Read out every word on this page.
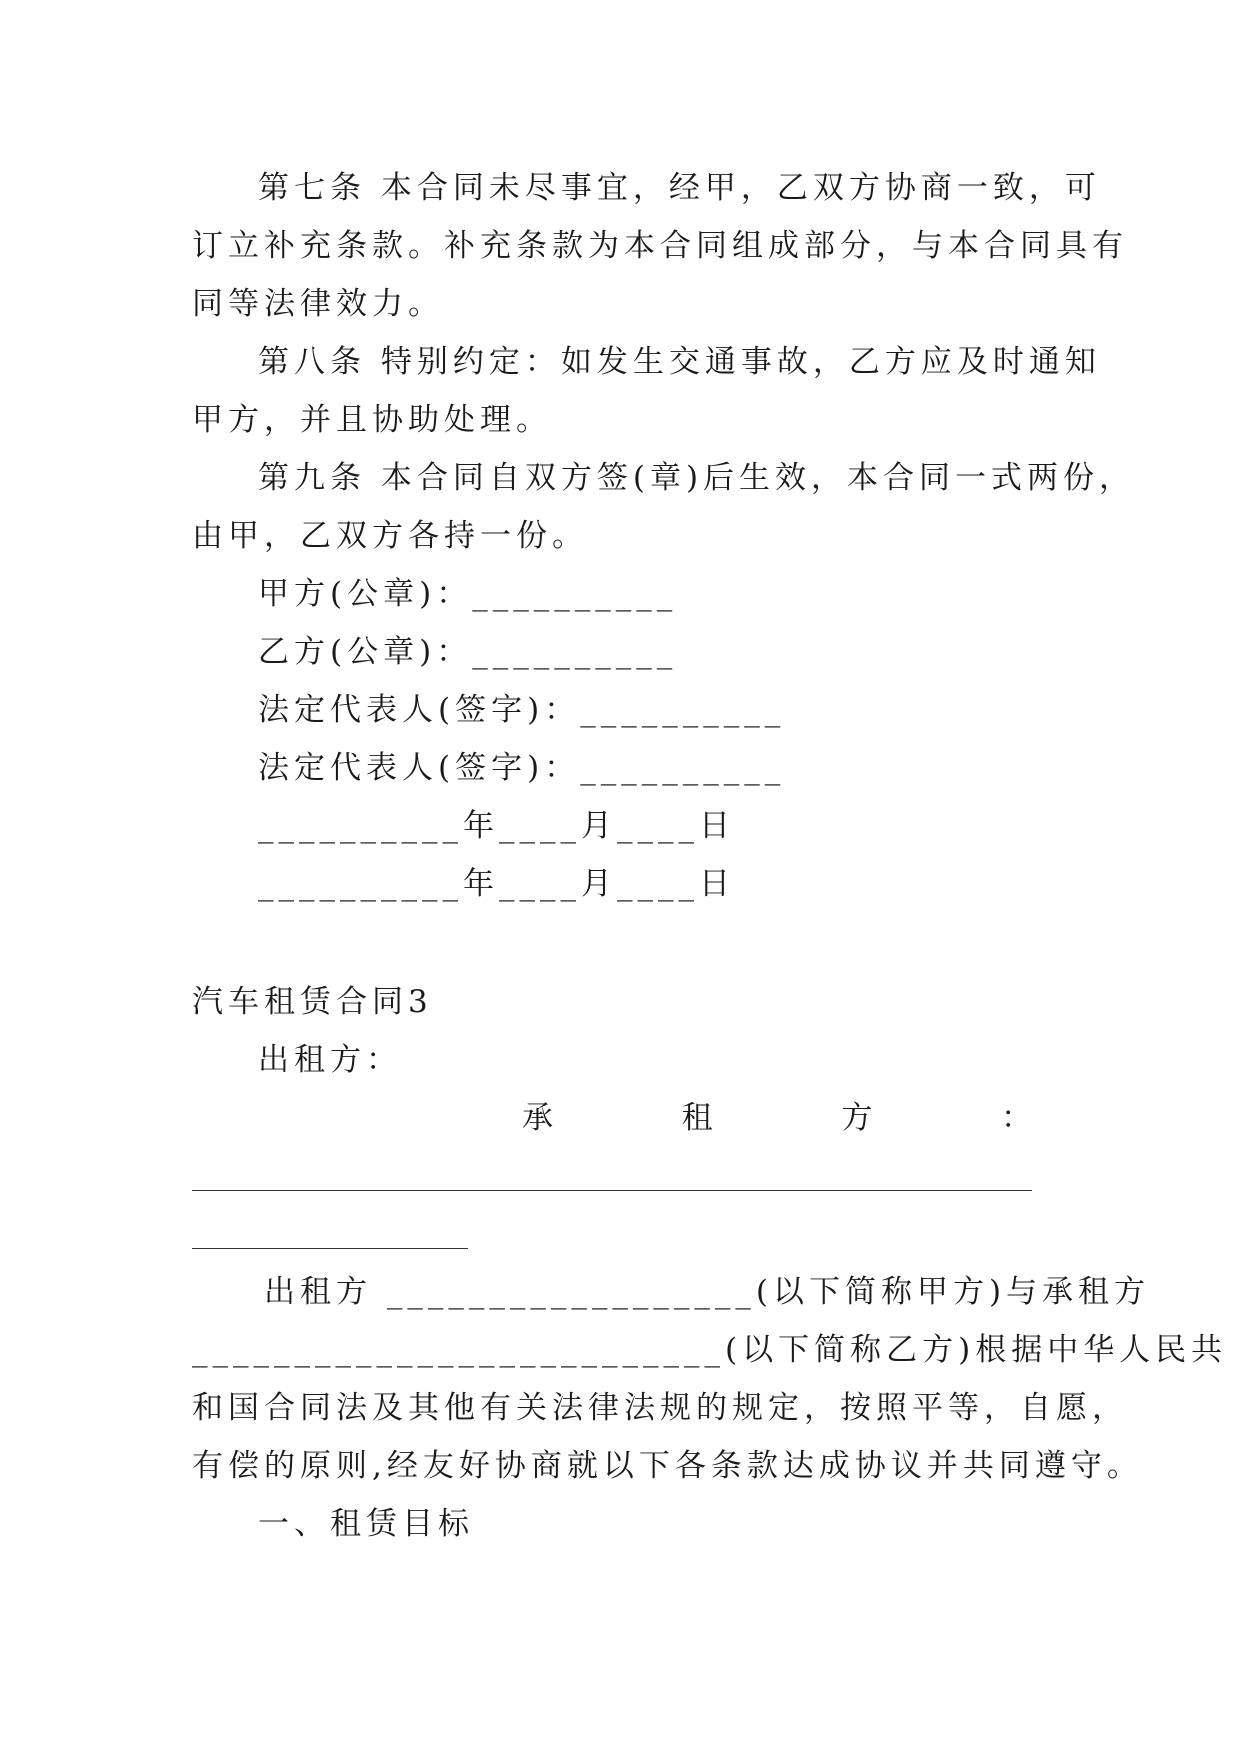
第七条 本合同未尽事宜，经甲，乙双方协商一致，可
订立补充条款。补充条款为本合同组成部分，与本合同具有
同等法律效力。
第八条 特别约定：如发生交通事故，乙方应及时通知
甲方，并且协助处理。
第九条 本合同自双方签(章)后生效，本合同一式两份，
由甲，乙双方各持一份。
甲方(公章)：__________
乙方(公章)：__________
法定代表人(签字)：__________
法定代表人(签字)：__________
__________年____月____日
__________年____月____日
汽车租赁合同3
出租方：
承 租 方 ：
出租方 __________________(以下简称甲方)与承租方
__________________________(以下简称乙方)根据中华人民共
和国合同法及其他有关法律法规的规定，按照平等，自愿，
有偿的原则,经友好协商就以下各条款达成协议并共同遵守。
一、租赁目标
